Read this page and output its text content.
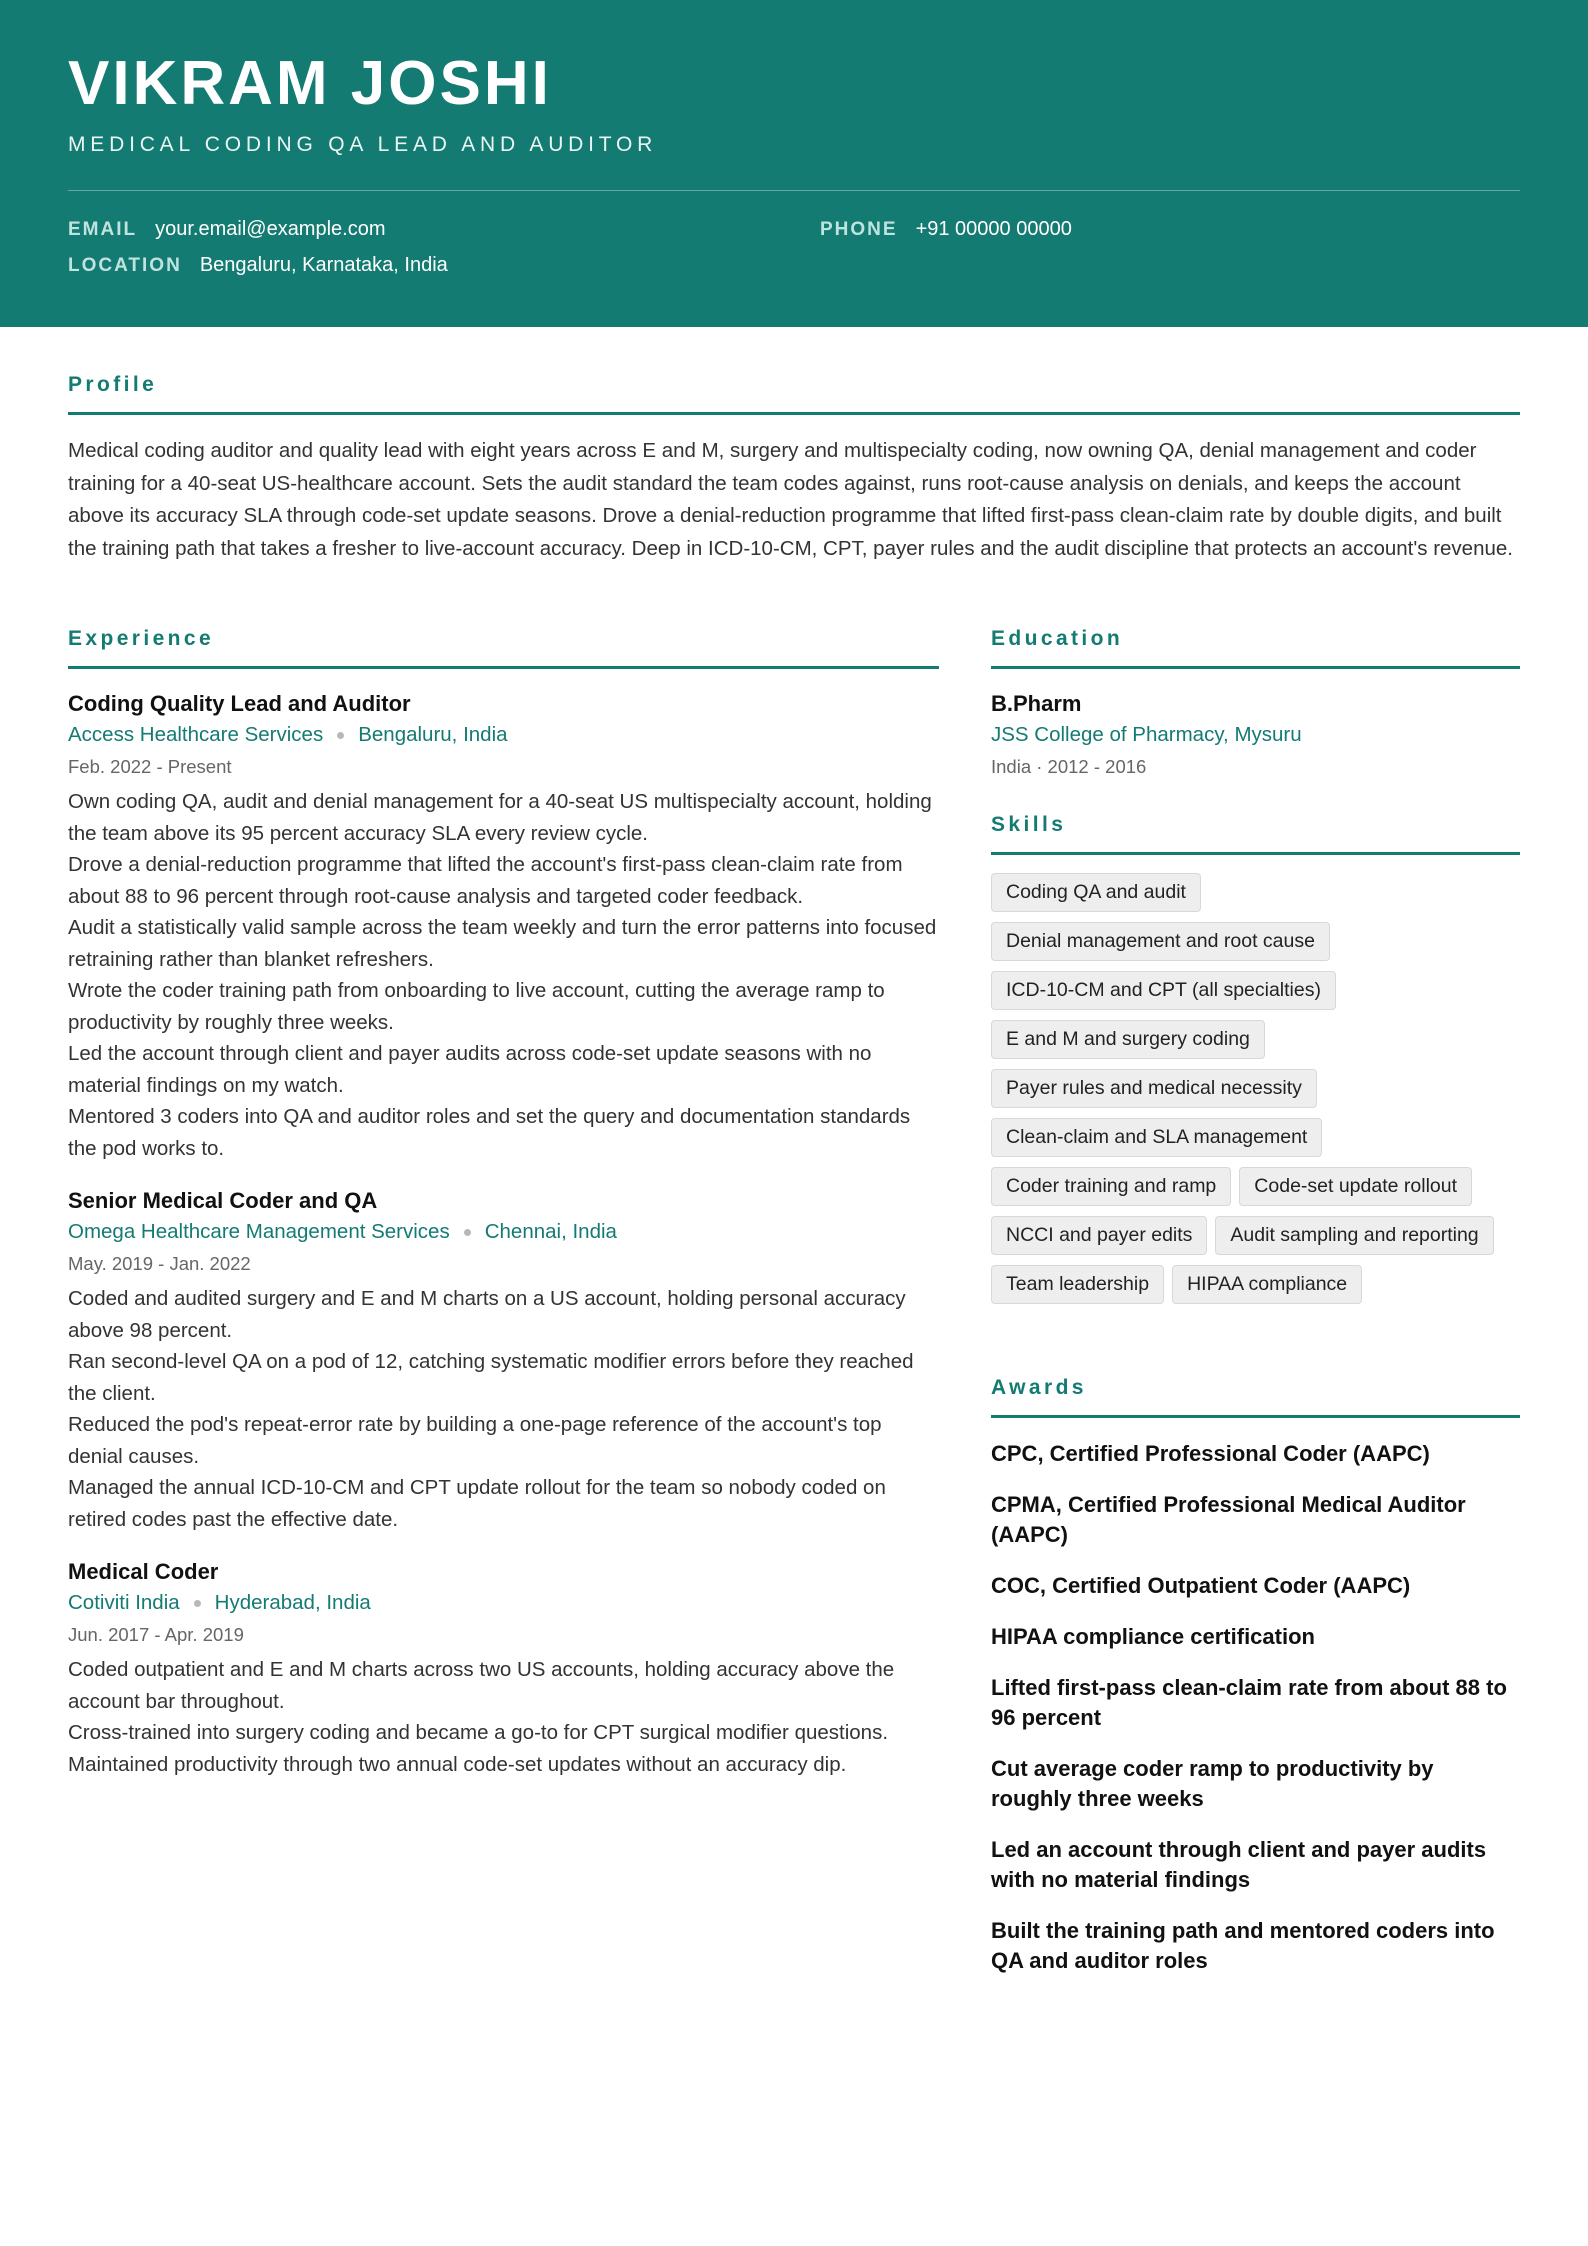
VIKRAM JOSHI
MEDICAL CODING QA LEAD AND AUDITOR
EMAIL your.email@example.com	PHONE +91 00000 00000
LOCATION Bengaluru, Karnataka, India
Profile
Medical coding auditor and quality lead with eight years across E and M, surgery and multispecialty coding, now owning QA, denial management and coder training for a 40-seat US-healthcare account. Sets the audit standard the team codes against, runs root-cause analysis on denials, and keeps the account above its accuracy SLA through code-set update seasons. Drove a denial-reduction programme that lifted first-pass clean-claim rate by double digits, and built the training path that takes a fresher to live-account accuracy. Deep in ICD-10-CM, CPT, payer rules and the audit discipline that protects an account's revenue.
Experience
Coding Quality Lead and Auditor
Access Healthcare Services Bengaluru, India
Feb. 2022 - Present
Own coding QA, audit and denial management for a 40-seat US multispecialty account, holding the team above its 95 percent accuracy SLA every review cycle.
Drove a denial-reduction programme that lifted the account's first-pass clean-claim rate from about 88 to 96 percent through root-cause analysis and targeted coder feedback.
Audit a statistically valid sample across the team weekly and turn the error patterns into focused retraining rather than blanket refreshers.
Wrote the coder training path from onboarding to live account, cutting the average ramp to productivity by roughly three weeks.
Led the account through client and payer audits across code-set update seasons with no material findings on my watch.
Mentored 3 coders into QA and auditor roles and set the query and documentation standards the pod works to.
Senior Medical Coder and QA
Omega Healthcare Management Services Chennai, India
May. 2019 - Jan. 2022
Coded and audited surgery and E and M charts on a US account, holding personal accuracy above 98 percent.
Ran second-level QA on a pod of 12, catching systematic modifier errors before they reached the client.
Reduced the pod's repeat-error rate by building a one-page reference of the account's top denial causes.
Managed the annual ICD-10-CM and CPT update rollout for the team so nobody coded on retired codes past the effective date.
Medical Coder
Cotiviti India Hyderabad, India
Jun. 2017 - Apr. 2019
Coded outpatient and E and M charts across two US accounts, holding accuracy above the account bar throughout.
Cross-trained into surgery coding and became a go-to for CPT surgical modifier questions.
Maintained productivity through two annual code-set updates without an accuracy dip.
Education
B.Pharm
JSS College of Pharmacy, Mysuru
India · 2012 - 2016
Skills
Coding QA and audit
Denial management and root cause
ICD-10-CM and CPT (all specialties)
E and M and surgery coding
Payer rules and medical necessity
Clean-claim and SLA management
Coder training and ramp	Code-set update rollout
NCCI and payer edits	Audit sampling and reporting
Team leadership	HIPAA compliance
Awards
CPC, Certified Professional Coder (AAPC)
CPMA, Certified Professional Medical Auditor (AAPC)
COC, Certified Outpatient Coder (AAPC)
HIPAA compliance certification
Lifted first-pass clean-claim rate from about 88 to 96 percent
Cut average coder ramp to productivity by roughly three weeks
Led an account through client and payer audits with no material findings
Built the training path and mentored coders into QA and auditor roles
